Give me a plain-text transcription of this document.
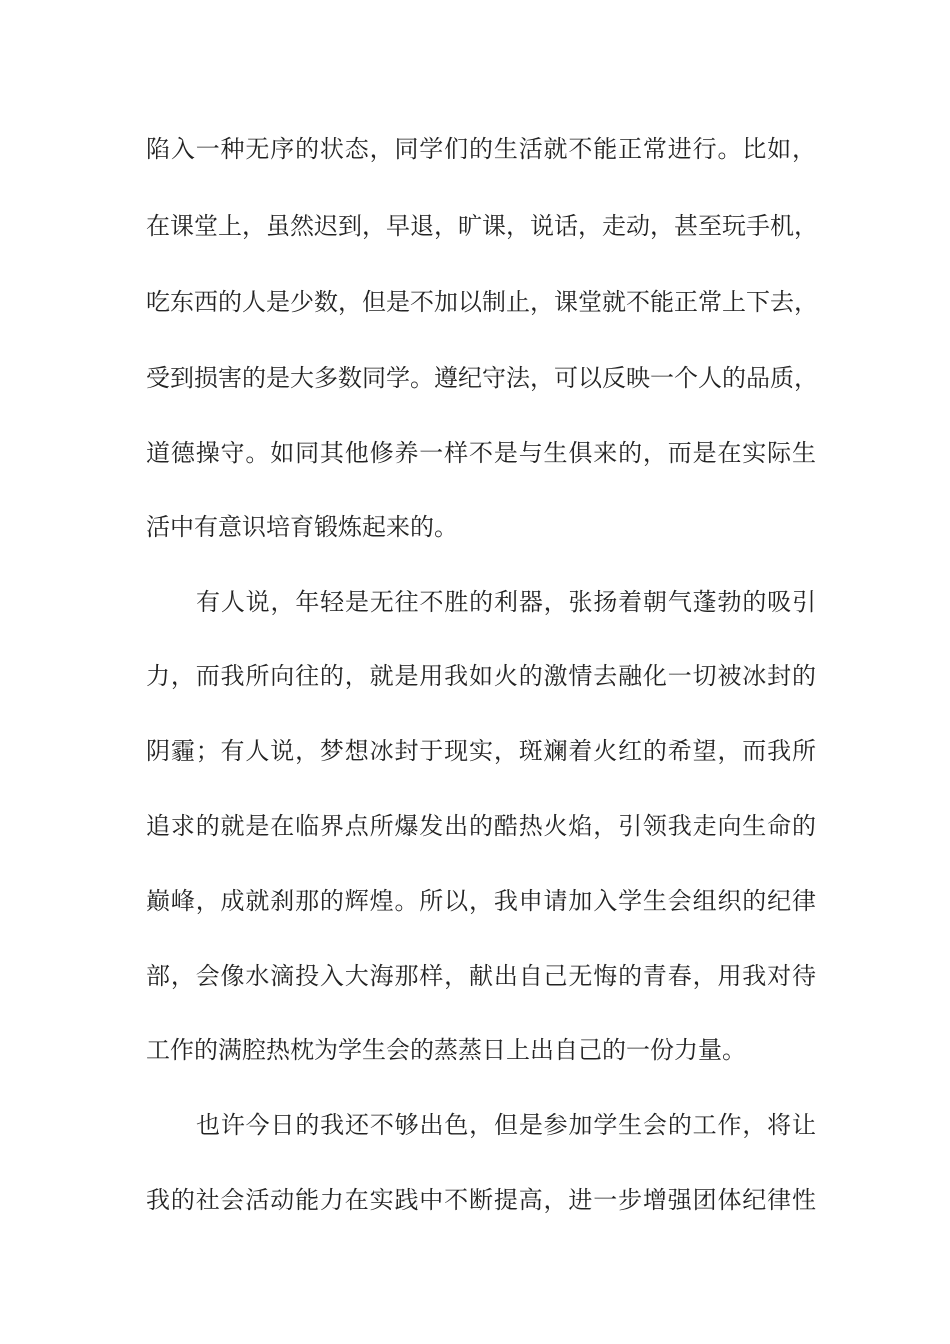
陷入一种无序的状态，同学们的生活就不能正常进行。比如，
在课堂上，虽然迟到，早退，旷课，说话，走动，甚至玩手机，
吃东西的人是少数，但是不加以制止，课堂就不能正常上下去，
受到损害的是大多数同学。遵纪守法，可以反映一个人的品质，
道德操守。如同其他修养一样不是与生俱来的，而是在实际生
活中有意识培育锻炼起来的。
有人说，年轻是无往不胜的利器，张扬着朝气蓬勃的吸引
力，而我所向往的，就是用我如火的激情去融化一切被冰封的
阴霾；有人说，梦想冰封于现实，斑斓着火红的希望，而我所
追求的就是在临界点所爆发出的酷热火焰，引领我走向生命的
巅峰，成就刹那的辉煌。所以，我申请加入学生会组织的纪律
部，会像水滴投入大海那样，献出自己无悔的青春，用我对待
工作的满腔热枕为学生会的蒸蒸日上出自己的一份力量。
也许今日的我还不够出色，但是参加学生会的工作，将让
我的社会活动能力在实践中不断提高，进一步增强团体纪律性
